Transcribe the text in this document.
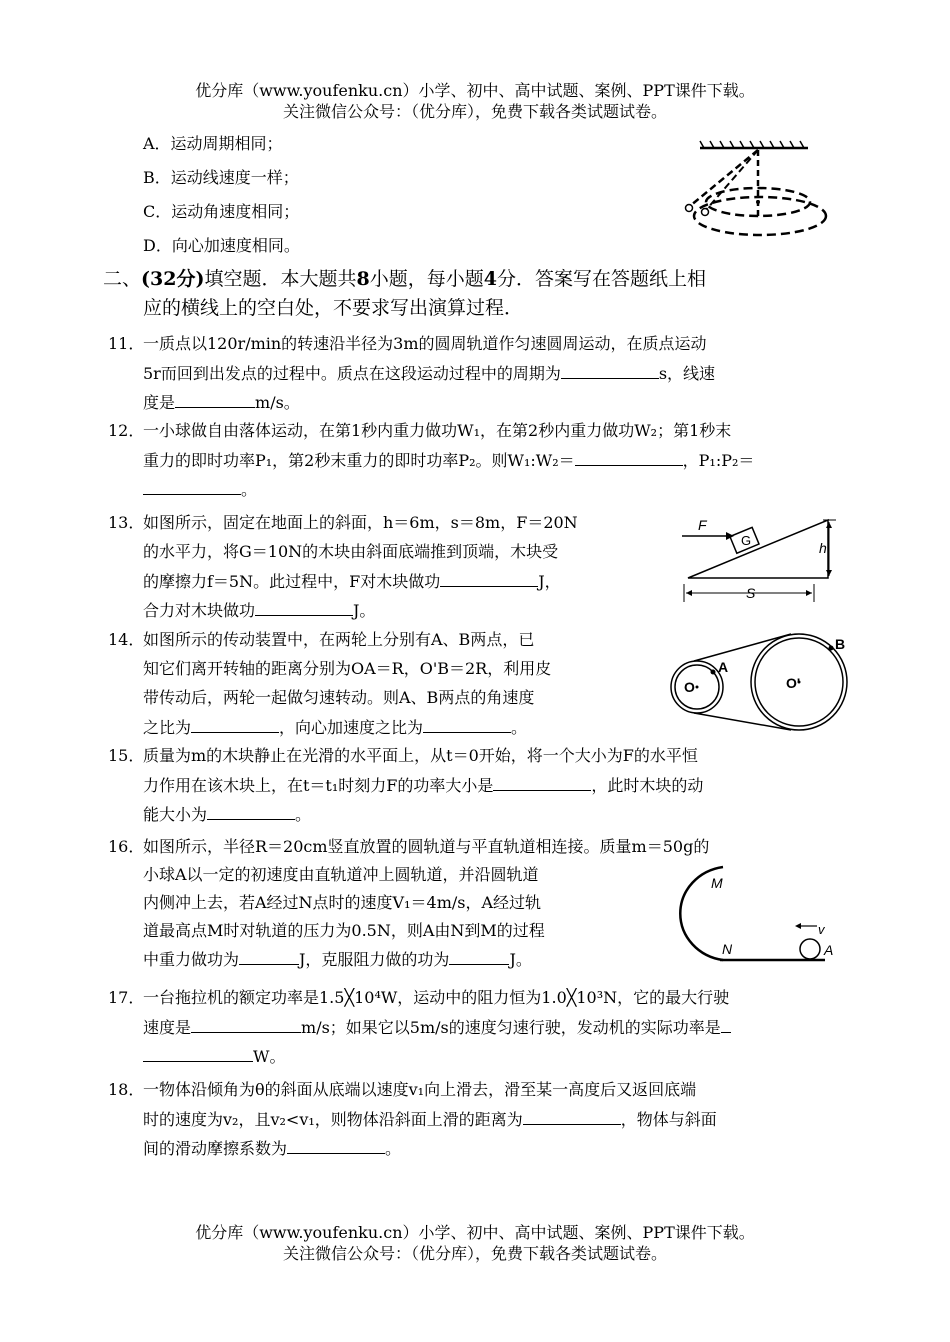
优分库（www.youfenku.cn）小学、初中、高中试题、案例、PPT课件下载。
关注微信公众号：（优分库），免费下载各类试题试卷。
A．运动周期相同；
B．运动线速度一样；
C．运动角速度相同；
D．向心加速度相同。
二、(32分)填空题．本大题共8小题，每小题4分．答案写在答题纸上相
应的横线上的空白处，不要求写出演算过程．
11．
一质点以120r/min的转速沿半径为3m的圆周轨道作匀速圆周运动，在质点运动
5r而回到出发点的过程中。质点在这段运动过程中的周期为	s，线速
度是	m/s。
12．
一小球做自由落体运动，在第1秒内重力做功W₁，在第2秒内重力做功W₂；第1秒末
重力的即时功率P₁，第2秒末重力的即时功率P₂。则W₁:W₂＝	，P₁:P₂＝
。
13．
如图所示，固定在地面上的斜面，h＝6m，s＝8m，F＝20N
的水平力，将G＝10N的木块由斜面底端推到顶端，木块受
的摩擦力f＝5N。此过程中，F对木块做功	J，
合力对木块做功	J。
G
F
h
S
14．
如图所示的传动装置中，在两轮上分别有A、B两点，已
知它们离开转轴的距离分别为OA＝R，O'B＝2R，利用皮
带传动后，两轮一起做匀速转动。则A、B两点的角速度
之比为	，向心加速度之比为	。
A
B
O	O'
15．
质量为m的木块静止在光滑的水平面上，从t＝0开始，将一个大小为F的水平恒
力作用在该木块上，在t＝t₁时刻力F的功率大小是	，此时木块的动
能大小为	。
16．
如图所示，半径R＝20cm竖直放置的圆轨道与平直轨道相连接。质量m＝50g的
小球A以一定的初速度由直轨道冲上圆轨道，并沿圆轨道
内侧冲上去，若A经过N点时的速度V₁＝4m/s，A经过轨
道最高点M时对轨道的压力为0.5N，则A由N到M的过程
中重力做功为	J，克服阻力做的功为	J。
M
N	A
v
17．
一台拖拉机的额定功率是1.5╳10⁴W，运动中的阻力恒为1.0╳10³N，它的最大行驶
速度是	m/s；如果它以5m/s的速度匀速行驶，发动机的实际功率是
W。
18．
一物体沿倾角为θ的斜面从底端以速度v₁向上滑去，滑至某一高度后又返回底端
时的速度为v₂，且v₂<v₁，则物体沿斜面上滑的距离为	，物体与斜面
间的滑动摩擦系数为	。
优分库（www.youfenku.cn）小学、初中、高中试题、案例、PPT课件下载。
关注微信公众号：（优分库），免费下载各类试题试卷。
